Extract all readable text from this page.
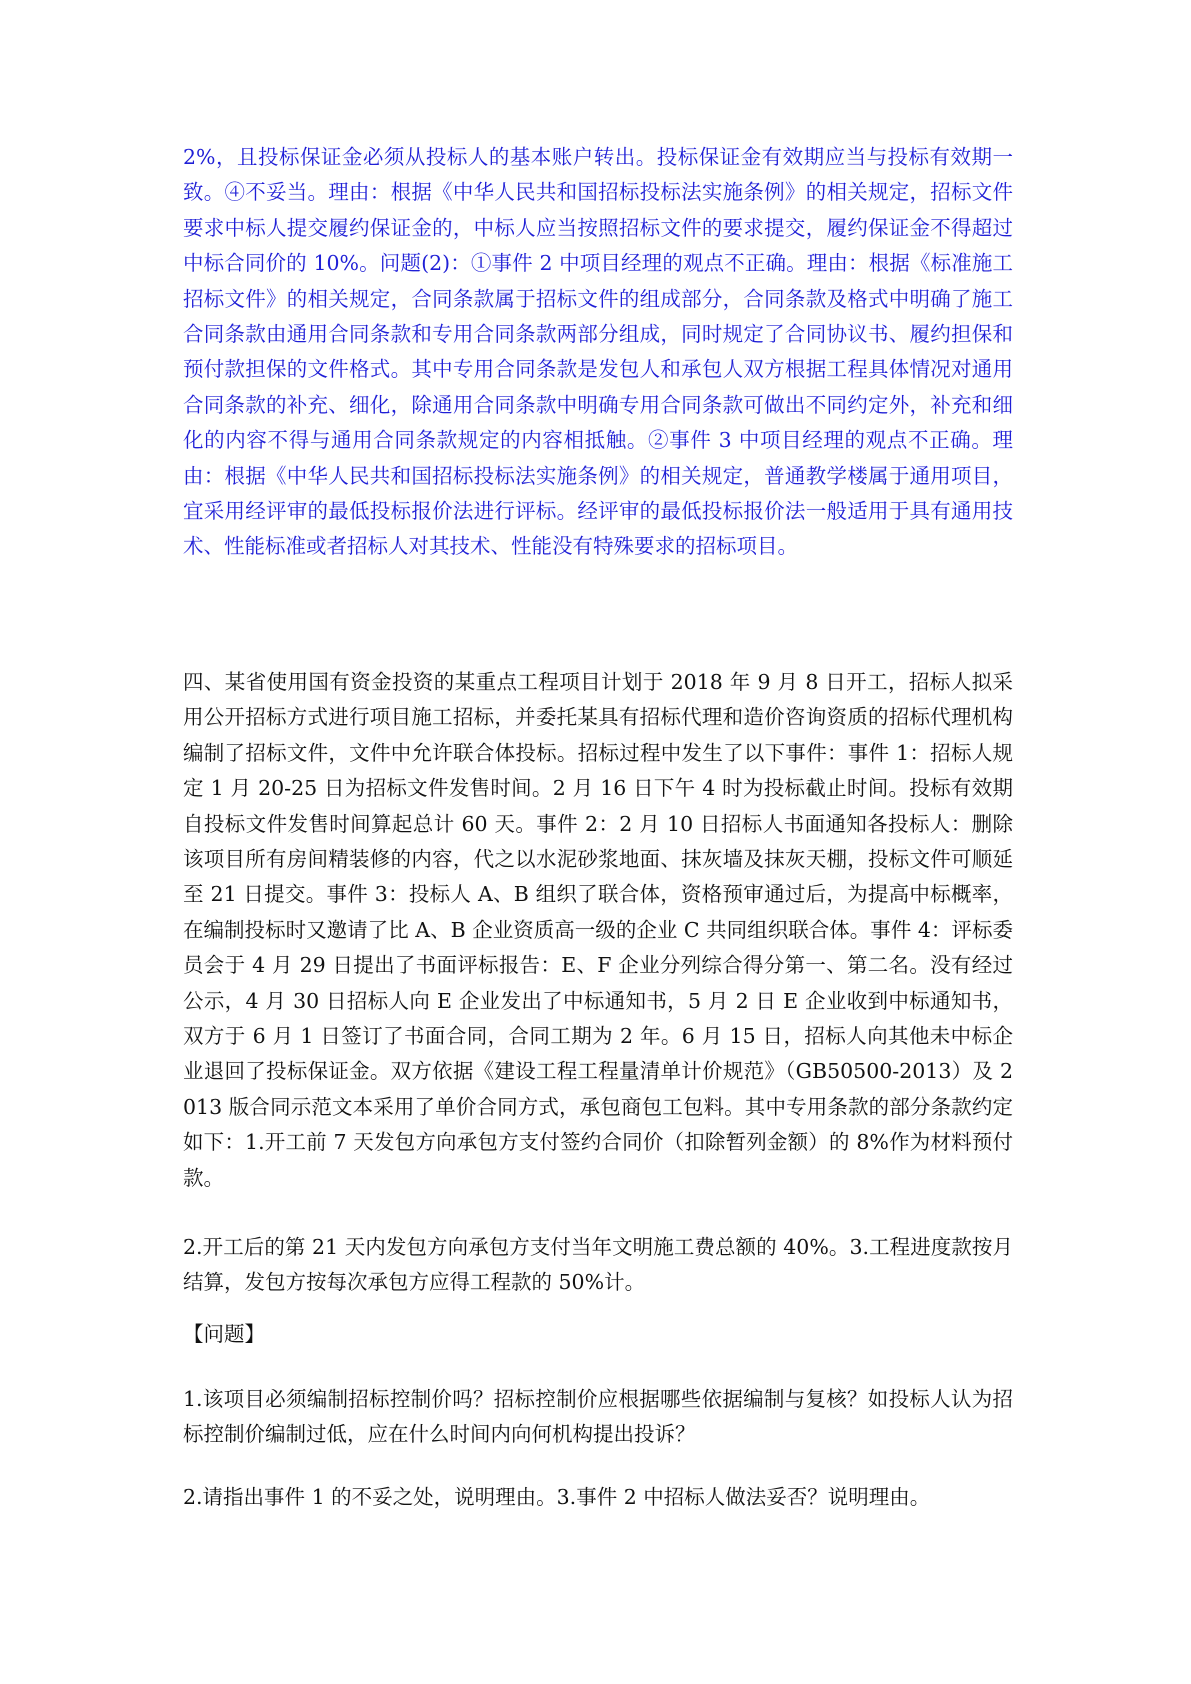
2%，且投标保证金必须从投标人的基本账户转出。投标保证金有效期应当与投标有效期一致。④不妥当。理由：根据《中华人民共和国招标投标法实施条例》的相关规定，招标文件要求中标人提交履约保证金的，中标人应当按照招标文件的要求提交，履约保证金不得超过中标合同价的 10%。问题(2)：①事件 2 中项目经理的观点不正确。理由：根据《标准施工招标文件》的相关规定，合同条款属于招标文件的组成部分，合同条款及格式中明确了施工合同条款由通用合同条款和专用合同条款两部分组成，同时规定了合同协议书、履约担保和预付款担保的文件格式。其中专用合同条款是发包人和承包人双方根据工程具体情况对通用合同条款的补充、细化，除通用合同条款中明确专用合同条款可做出不同约定外，补充和细化的内容不得与通用合同条款规定的内容相抵触。②事件 3 中项目经理的观点不正确。理由：根据《中华人民共和国招标投标法实施条例》的相关规定，普通教学楼属于通用项目，宜采用经评审的最低投标报价法进行评标。经评审的最低投标报价法一般适用于具有通用技术、性能标准或者招标人对其技术、性能没有特殊要求的招标项目。

四、某省使用国有资金投资的某重点工程项目计划于 2018 年 9 月 8 日开工，招标人拟采用公开招标方式进行项目施工招标，并委托某具有招标代理和造价咨询资质的招标代理机构编制了招标文件，文件中允许联合体投标。招标过程中发生了以下事件：事件 1：招标人规定 1 月 20-25 日为招标文件发售时间。2 月 16 日下午 4 时为投标截止时间。投标有效期自投标文件发售时间算起总计 60 天。事件 2：2 月 10 日招标人书面通知各投标人：删除该项目所有房间精装修的内容，代之以水泥砂浆地面、抹灰墙及抹灰天棚，投标文件可顺延至 21 日提交。事件 3：投标人 A、B 组织了联合体，资格预审通过后，为提高中标概率，在编制投标时又邀请了比 A、B 企业资质高一级的企业 C 共同组织联合体。事件 4：评标委员会于 4 月 29 日提出了书面评标报告：E、F 企业分列综合得分第一、第二名。没有经过公示，4 月 30 日招标人向 E 企业发出了中标通知书，5 月 2 日 E 企业收到中标通知书，双方于 6 月 1 日签订了书面合同，合同工期为 2 年。6 月 15 日，招标人向其他未中标企业退回了投标保证金。双方依据《建设工程工程量清单计价规范》（GB50500-2013）及 2013 版合同示范文本采用了单价合同方式，承包商包工包料。其中专用条款的部分条款约定如下：1.开工前 7 天发包方向承包方支付签约合同价（扣除暂列金额）的 8%作为材料预付款。

2.开工后的第 21 天内发包方向承包方支付当年文明施工费总额的 40%。3.工程进度款按月结算，发包方按每次承包方应得工程款的 50%计。

【问题】

1.该项目必须编制招标控制价吗？招标控制价应根据哪些依据编制与复核？如投标人认为招标控制价编制过低，应在什么时间内向何机构提出投诉？

2.请指出事件 1 的不妥之处，说明理由。3.事件 2 中招标人做法妥否？说明理由。
